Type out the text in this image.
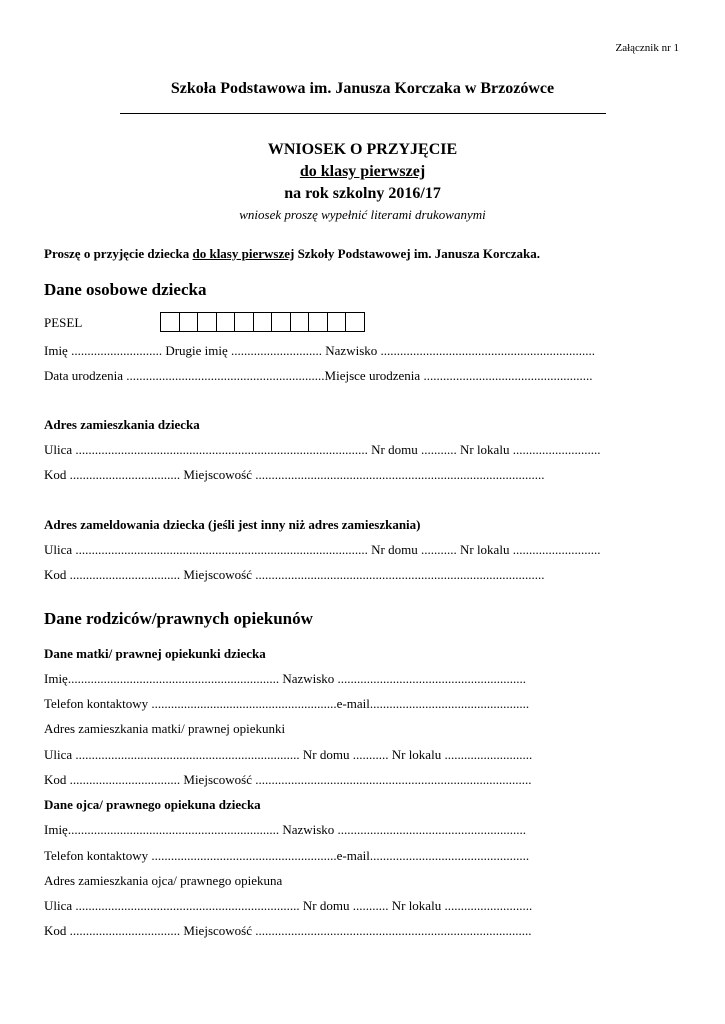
Załącznik nr 1
Szkoła Podstawowa im. Janusza Korczaka w Brzozówce
WNIOSEK O PRZYJĘCIE
do klasy pierwszej
na rok szkolny 2016/17
wniosek proszę wypełnić literami drukowanymi
Proszę o przyjęcie dziecka do klasy pierwszej Szkoły Podstawowej im. Janusza Korczaka.
Dane osobowe dziecka
PESEL
Imię ............................ Drugie imię ............................ Nazwisko ..................................................................
Data urodzenia .............................................................Miejsce urodzenia ....................................................
Adres zamieszkania dziecka
Ulica .......................................................................................... Nr domu ........... Nr lokalu ...........................
Kod .................................. Miejscowość .........................................................................................
Adres zameldowania dziecka (jeśli jest inny niż adres zamieszkania)
Ulica .......................................................................................... Nr domu ........... Nr lokalu ...........................
Kod .................................. Miejscowość .........................................................................................
Dane rodziców/prawnych opiekunów
Dane matki/ prawnej opiekunki dziecka
Imię................................................................. Nazwisko ..........................................................
Telefon kontaktowy .........................................................e-mail.................................................
Adres zamieszkania matki/ prawnej opiekunki
Ulica ..................................................................... Nr domu ........... Nr lokalu ...........................
Kod .................................. Miejscowość .....................................................................................
Dane ojca/ prawnego opiekuna dziecka
Imię................................................................. Nazwisko ..........................................................
Telefon kontaktowy .........................................................e-mail.................................................
Adres zamieszkania ojca/ prawnego opiekuna
Ulica ..................................................................... Nr domu ........... Nr lokalu ...........................
Kod .................................. Miejscowość .....................................................................................
